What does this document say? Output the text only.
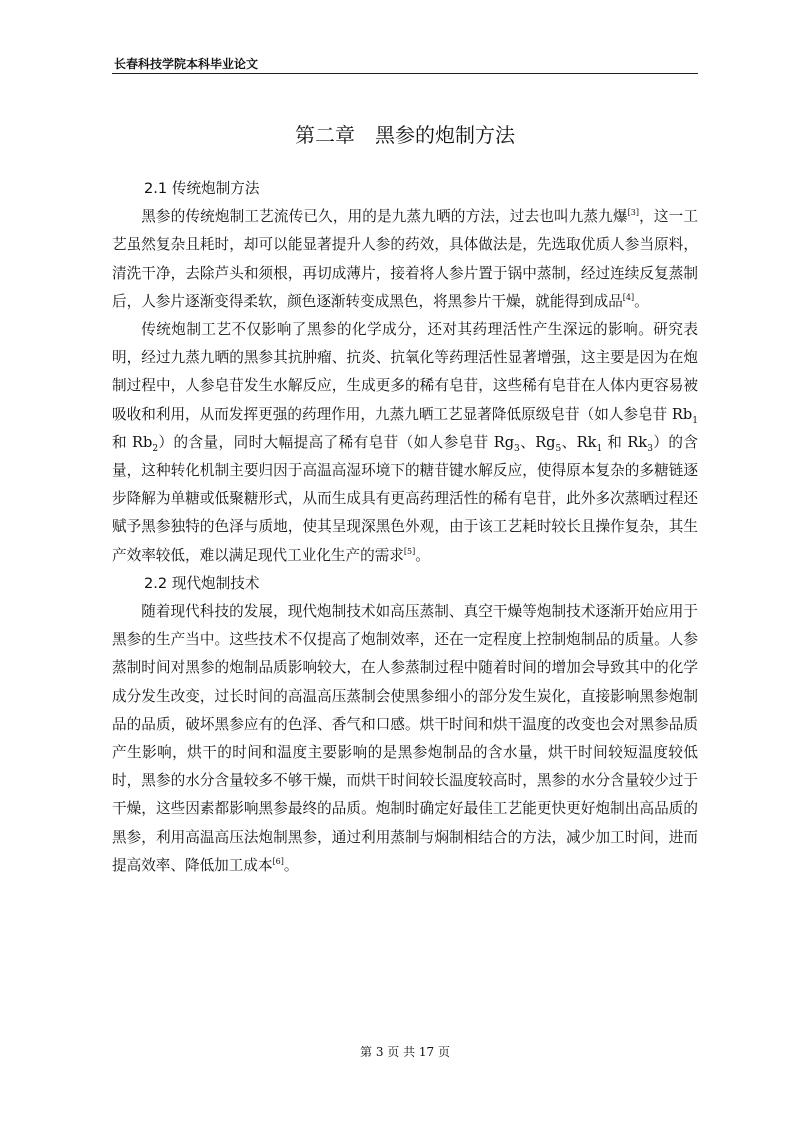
长春科技学院本科毕业论文
第二章　黑参的炮制方法

2.1 传统炮制方法

黑参的传统炮制工艺流传已久，用的是九蒸九晒的方法，过去也叫九蒸九爆[3]，这一工艺虽然复杂且耗时，却可以能显著提升人参的药效，具体做法是，先选取优质人参当原料，清洗干净，去除芦头和须根，再切成薄片，接着将人参片置于锅中蒸制，经过连续反复蒸制后，人参片逐渐变得柔软，颜色逐渐转变成黑色，将黑参片干燥，就能得到成品[4]。

传统炮制工艺不仅影响了黑参的化学成分，还对其药理活性产生深远的影响。研究表明，经过九蒸九晒的黑参其抗肿瘤、抗炎、抗氧化等药理活性显著增强，这主要是因为在炮制过程中，人参皂苷发生水解反应，生成更多的稀有皂苷，这些稀有皂苷在人体内更容易被吸收和利用，从而发挥更强的药理作用，九蒸九晒工艺显著降低原级皂苷（如人参皂苷 $Rb_1$ 和 $Rb_2$）的含量，同时大幅提高了稀有皂苷（如人参皂苷 $Rg_3$、$Rg_5$、$Rk_1$ 和 $Rk_3$）的含量，这种转化机制主要归因于高温高湿环境下的糖苷键水解反应，使得原本复杂的多糖链逐步降解为单糖或低聚糖形式，从而生成具有更高药理活性的稀有皂苷，此外多次蒸晒过程还赋予黑参独特的色泽与质地，使其呈现深黑色外观，由于该工艺耗时较长且操作复杂，其生产效率较低，难以满足现代工业化生产的需求[5]。

2.2 现代炮制技术

随着现代科技的发展，现代炮制技术如高压蒸制、真空干燥等炮制技术逐渐开始应用于黑参的生产当中。这些技术不仅提高了炮制效率，还在一定程度上控制炮制品的质量。人参蒸制时间对黑参的炮制品质影响较大，在人参蒸制过程中随着时间的增加会导致其中的化学成分发生改变，过长时间的高温高压蒸制会使黑参细小的部分发生炭化，直接影响黑参炮制品的品质，破坏黑参应有的色泽、香气和口感。烘干时间和烘干温度的改变也会对黑参品质产生影响，烘干的时间和温度主要影响的是黑参炮制品的含水量，烘干时间较短温度较低时，黑参的水分含量较多不够干燥，而烘干时间较长温度较高时，黑参的水分含量较少过于干燥，这些因素都影响黑参最终的品质。炮制时确定好最佳工艺能更快更好炮制出高品质的黑参，利用高温高压法炮制黑参，通过利用蒸制与焖制相结合的方法，减少加工时间，进而提高效率、降低加工成本[6]。

第 3 页 共 17 页
